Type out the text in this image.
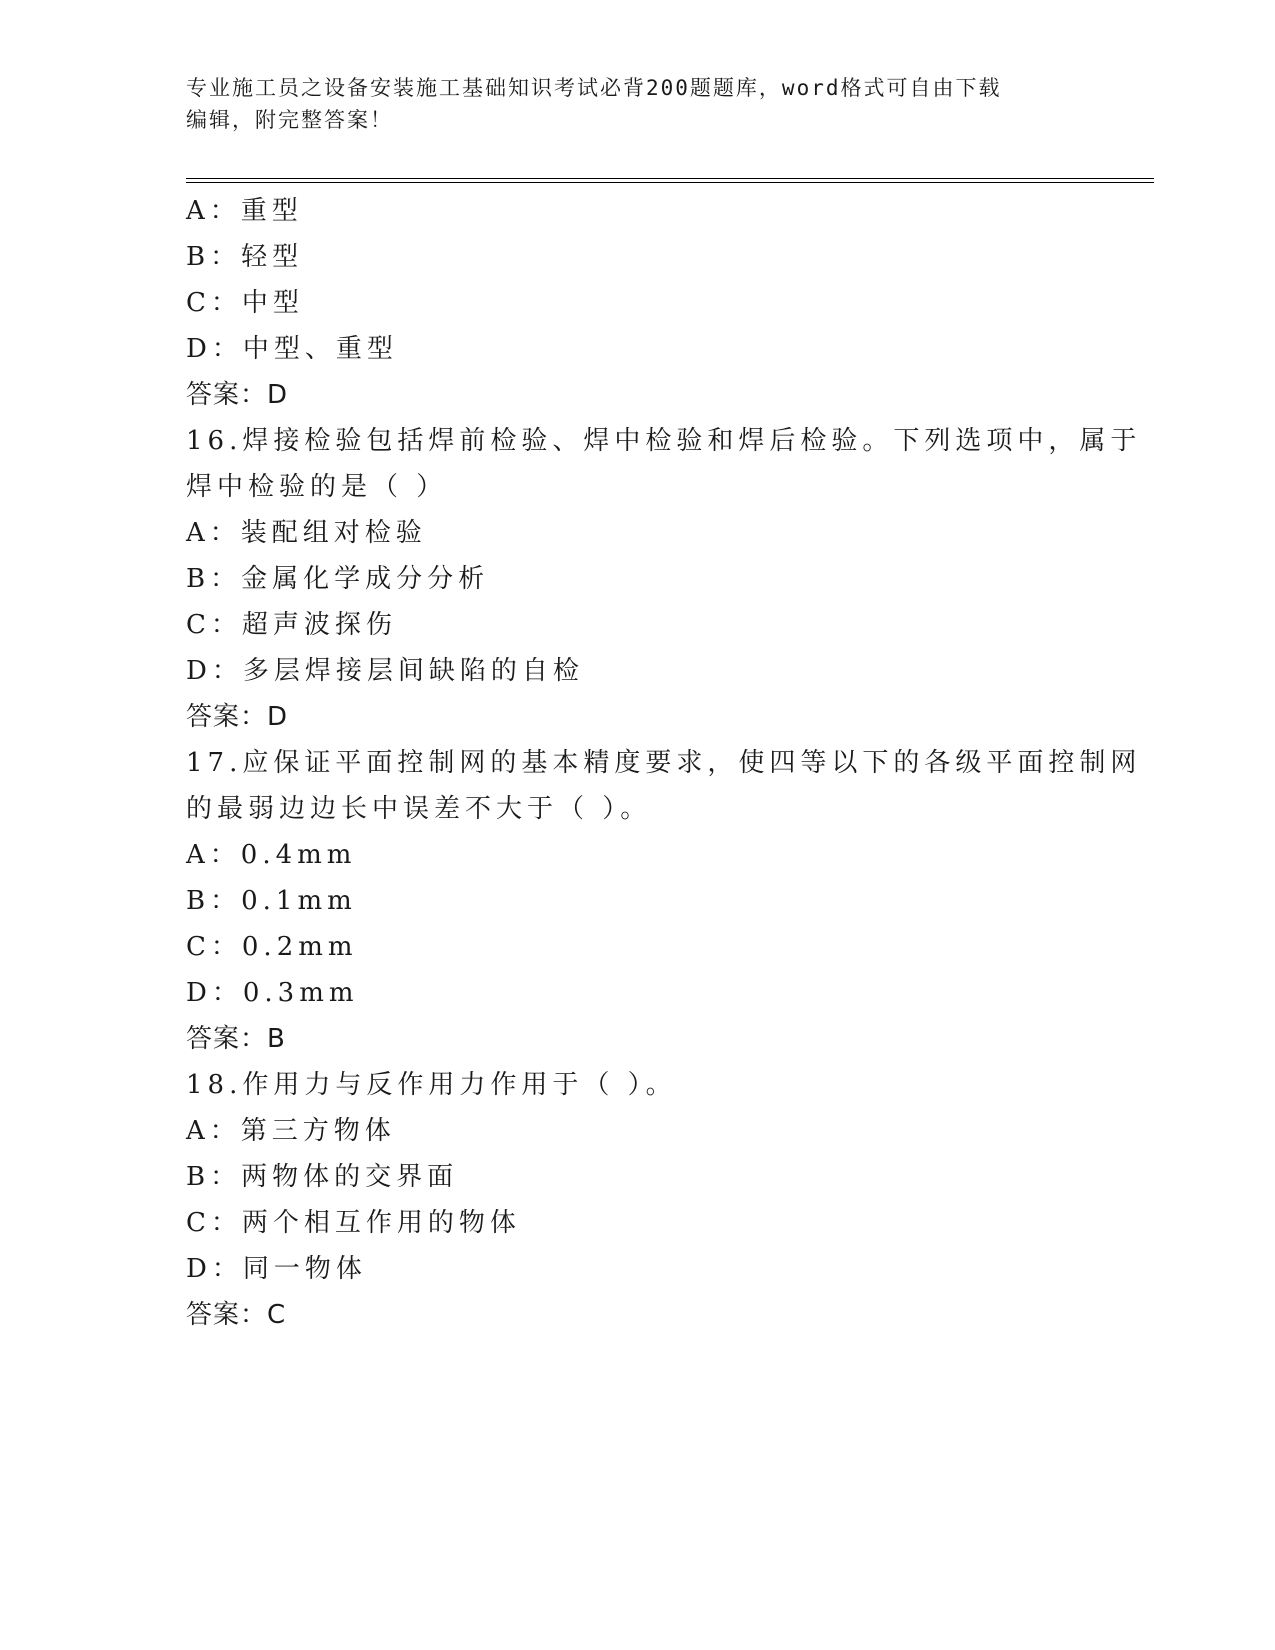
专业施工员之设备安装施工基础知识考试必背200题题库，word格式可自由下载
编辑，附完整答案！
A：重型
B：轻型
C：中型
D：中型、重型
答案：D
16.焊接检验包括焊前检验、焊中检验和焊后检验。下列选项中，属于
焊中检验的是（ ）
A：装配组对检验
B：金属化学成分分析
C：超声波探伤
D：多层焊接层间缺陷的自检
答案：D
17.应保证平面控制网的基本精度要求，使四等以下的各级平面控制网
的最弱边边长中误差不大于（ ）。
A：0.4mm
B：0.1mm
C：0.2mm
D：0.3mm
答案：B
18.作用力与反作用力作用于（ ）。
A：第三方物体
B：两物体的交界面
C：两个相互作用的物体
D：同一物体
答案：C
